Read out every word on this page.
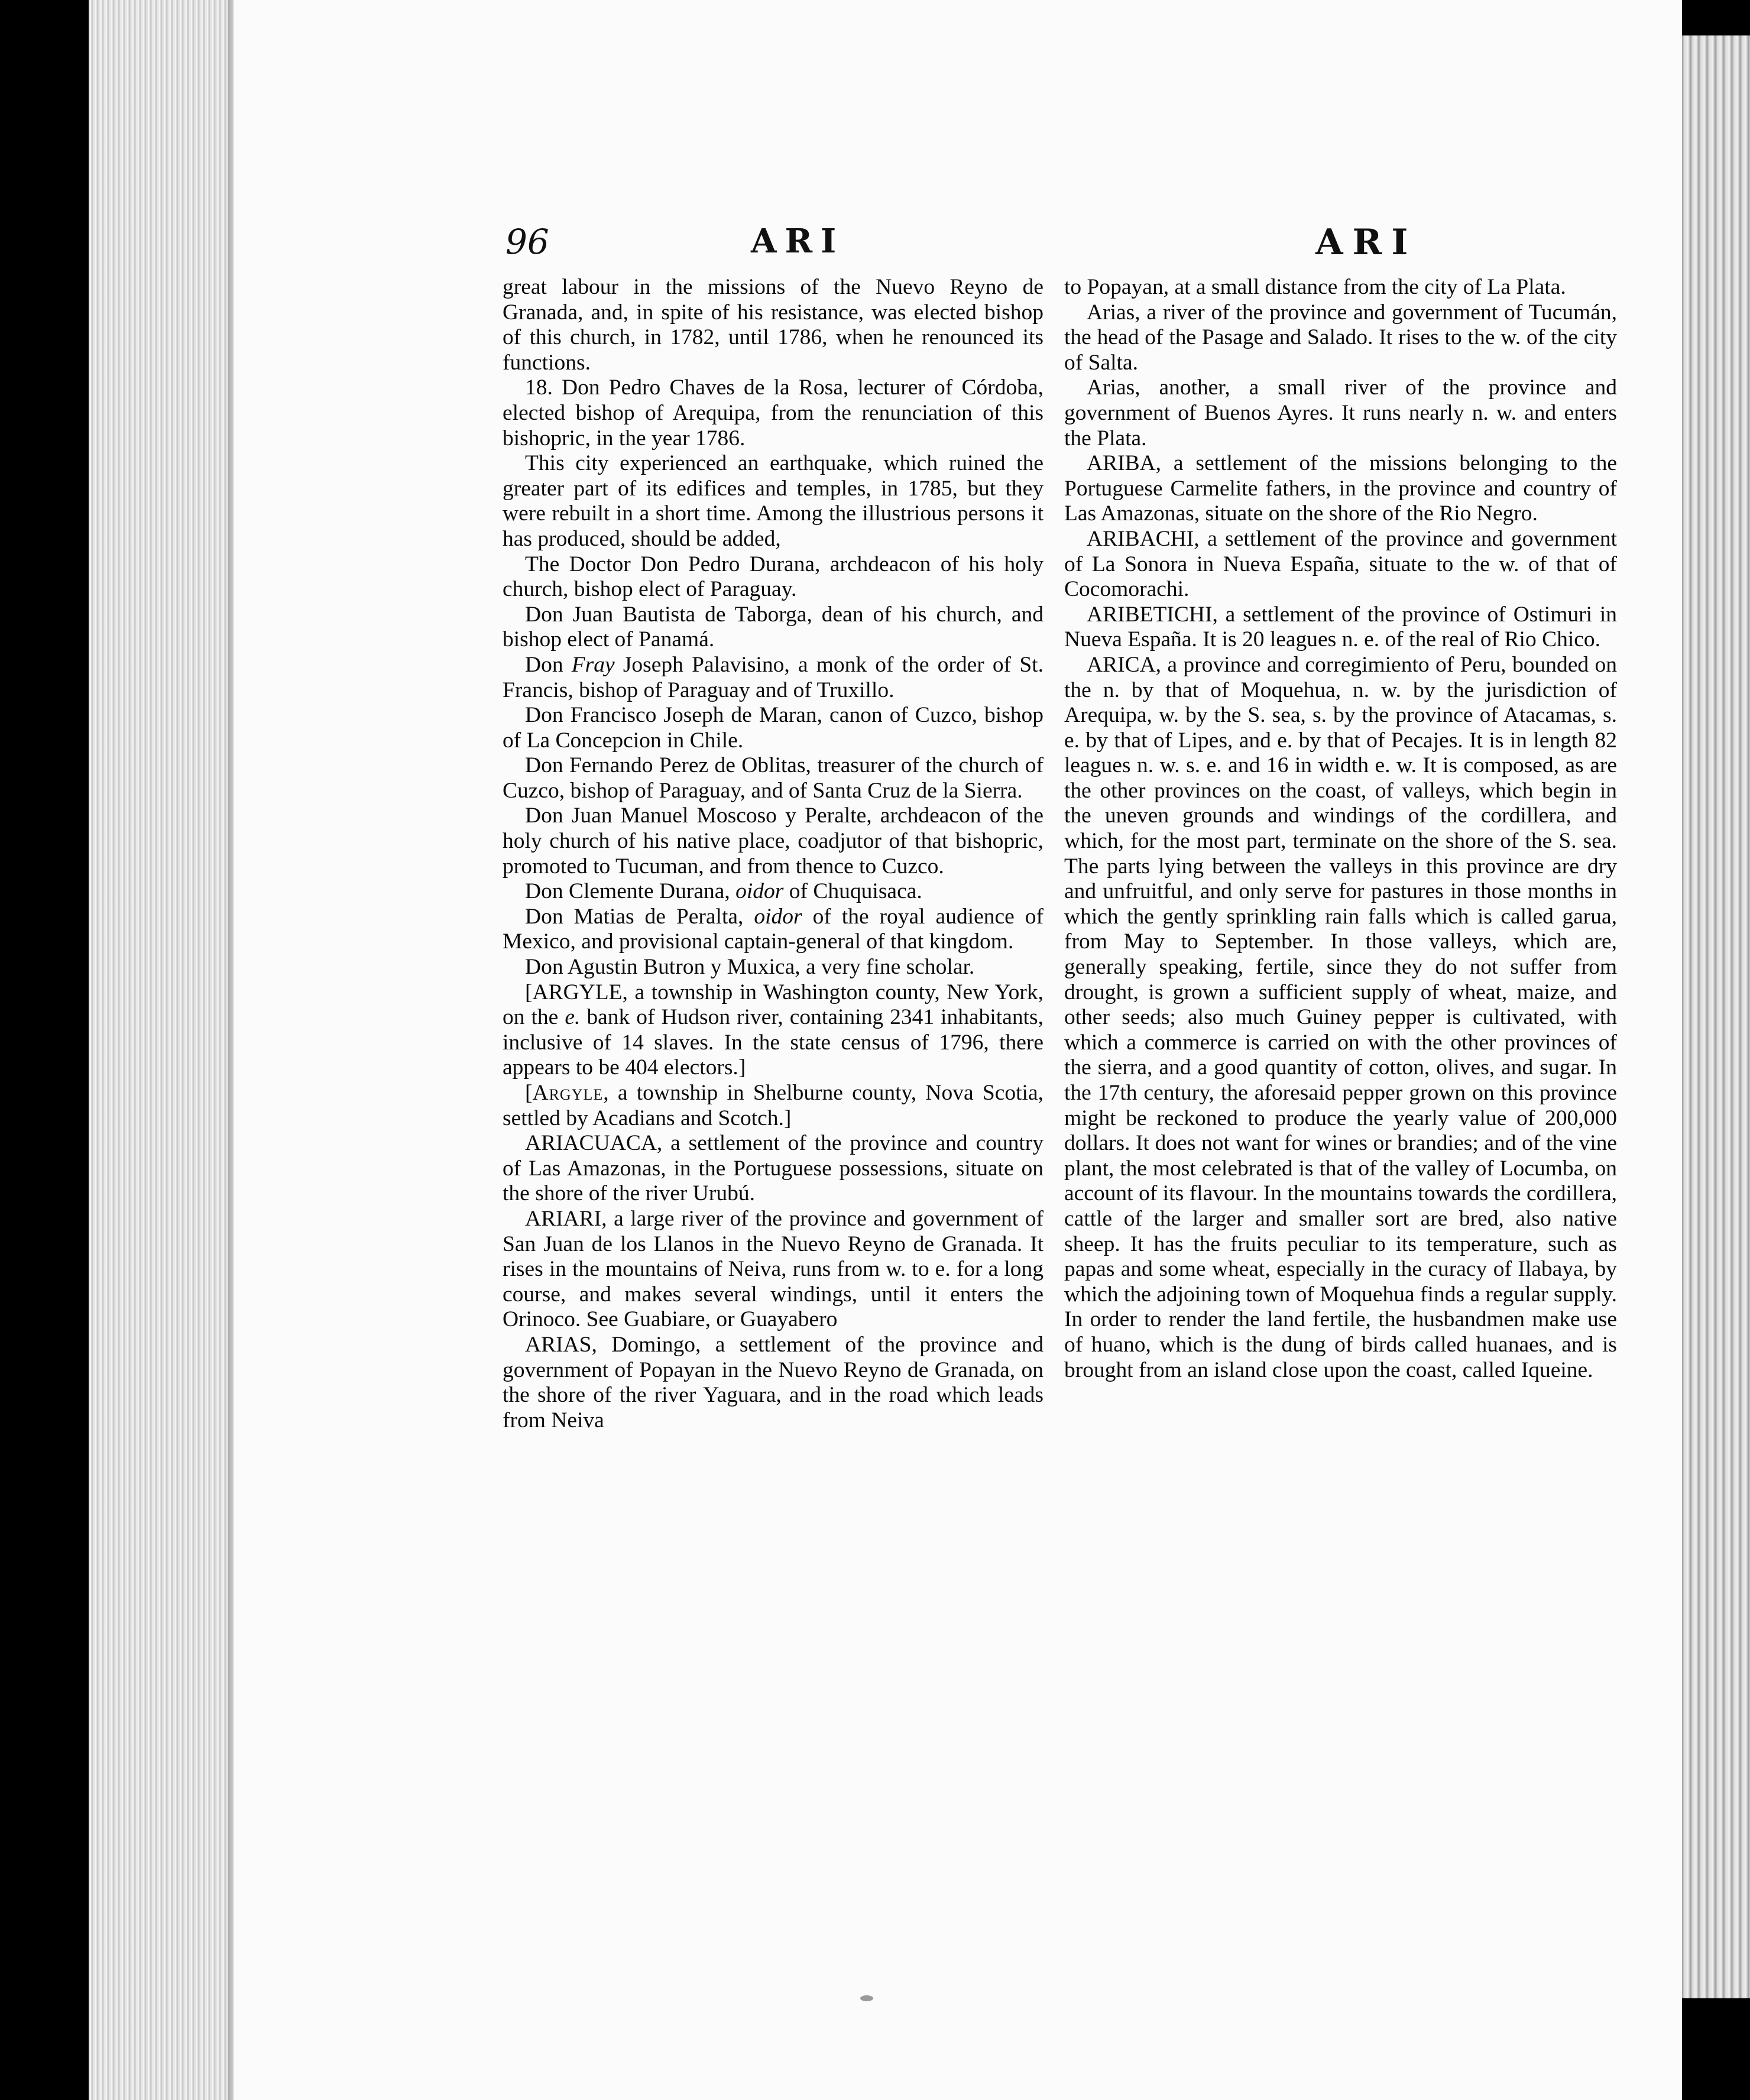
96	ARI	ARI

great labour in the missions of the Nuevo Reyno de Granada, and, in spite of his resistance, was elected bishop of this church, in 1782, until 1786, when he renounced its functions.

18. Don Pedro Chaves de la Rosa, lecturer of Córdoba, elected bishop of Arequipa, from the renunciation of this bishopric, in the year 1786.

This city experienced an earthquake, which ruined the greater part of its edifices and temples, in 1785, but they were rebuilt in a short time. Among the illustrious persons it has produced, should be added,

The Doctor Don Pedro Durana, archdeacon of his holy church, bishop elect of Paraguay.

Don Juan Bautista de Taborga, dean of his church, and bishop elect of Panamá.

Don Fray Joseph Palavisino, a monk of the order of St. Francis, bishop of Paraguay and of Truxillo.

Don Francisco Joseph de Maran, canon of Cuzco, bishop of La Concepcion in Chile.

Don Fernando Perez de Oblitas, treasurer of the church of Cuzco, bishop of Paraguay, and of Santa Cruz de la Sierra.

Don Juan Manuel Moscoso y Peralte, archdeacon of the holy church of his native place, coadjutor of that bishopric, promoted to Tucuman, and from thence to Cuzco.

Don Clemente Durana, oidor of Chuquisaca.

Don Matias de Peralta, oidor of the royal audience of Mexico, and provisional captain-general of that kingdom.

Don Agustin Butron y Muxica, a very fine scholar.

[ARGYLE, a township in Washington county, New York, on the e. bank of Hudson river, containing 2341 inhabitants, inclusive of 14 slaves. In the state census of 1796, there appears to be 404 electors.]

[Argyle, a township in Shelburne county, Nova Scotia, settled by Acadians and Scotch.]

ARIACUACA, a settlement of the province and country of Las Amazonas, in the Portuguese possessions, situate on the shore of the river Urubú.

ARIARI, a large river of the province and government of San Juan de los Llanos in the Nuevo Reyno de Granada. It rises in the mountains of Neiva, runs from w. to e. for a long course, and makes several windings, until it enters the Orinoco. See Guabiare, or Guayabero

ARIAS, Domingo, a settlement of the province and government of Popayan in the Nuevo Reyno de Granada, on the shore of the river Yaguara, and in the road which leads from Neiva

to Popayan, at a small distance from the city of La Plata.

Arias, a river of the province and government of Tucumán, the head of the Pasage and Salado. It rises to the w. of the city of Salta.

Arias, another, a small river of the province and government of Buenos Ayres. It runs nearly n. w. and enters the Plata.

ARIBA, a settlement of the missions belonging to the Portuguese Carmelite fathers, in the province and country of Las Amazonas, situate on the shore of the Rio Negro.

ARIBACHI, a settlement of the province and government of La Sonora in Nueva España, situate to the w. of that of Cocomorachi.

ARIBETICHI, a settlement of the province of Ostimuri in Nueva España. It is 20 leagues n. e. of the real of Rio Chico.

ARICA, a province and corregimiento of Peru, bounded on the n. by that of Moquehua, n. w. by the jurisdiction of Arequipa, w. by the S. sea, s. by the province of Atacamas, s. e. by that of Lipes, and e. by that of Pecajes. It is in length 82 leagues n. w. s. e. and 16 in width e. w. It is composed, as are the other provinces on the coast, of valleys, which begin in the uneven grounds and windings of the cordillera, and which, for the most part, terminate on the shore of the S. sea. The parts lying between the valleys in this province are dry and unfruitful, and only serve for pastures in those months in which the gently sprinkling rain falls which is called garua, from May to September. In those valleys, which are, generally speaking, fertile, since they do not suffer from drought, is grown a sufficient supply of wheat, maize, and other seeds; also much Guiney pepper is cultivated, with which a commerce is carried on with the other provinces of the sierra, and a good quantity of cotton, olives, and sugar. In the 17th century, the aforesaid pepper grown on this province might be reckoned to produce the yearly value of 200,000 dollars. It does not want for wines or brandies; and of the vine plant, the most celebrated is that of the valley of Locumba, on account of its flavour. In the mountains towards the cordillera, cattle of the larger and smaller sort are bred, also native sheep. It has the fruits peculiar to its temperature, such as papas and some wheat, especially in the curacy of Ilabaya, by which the adjoining town of Moquehua finds a regular supply. In order to render the land fertile, the husbandmen make use of huano, which is the dung of birds called huanaes, and is brought from an island close upon the coast, called Iqueine.
